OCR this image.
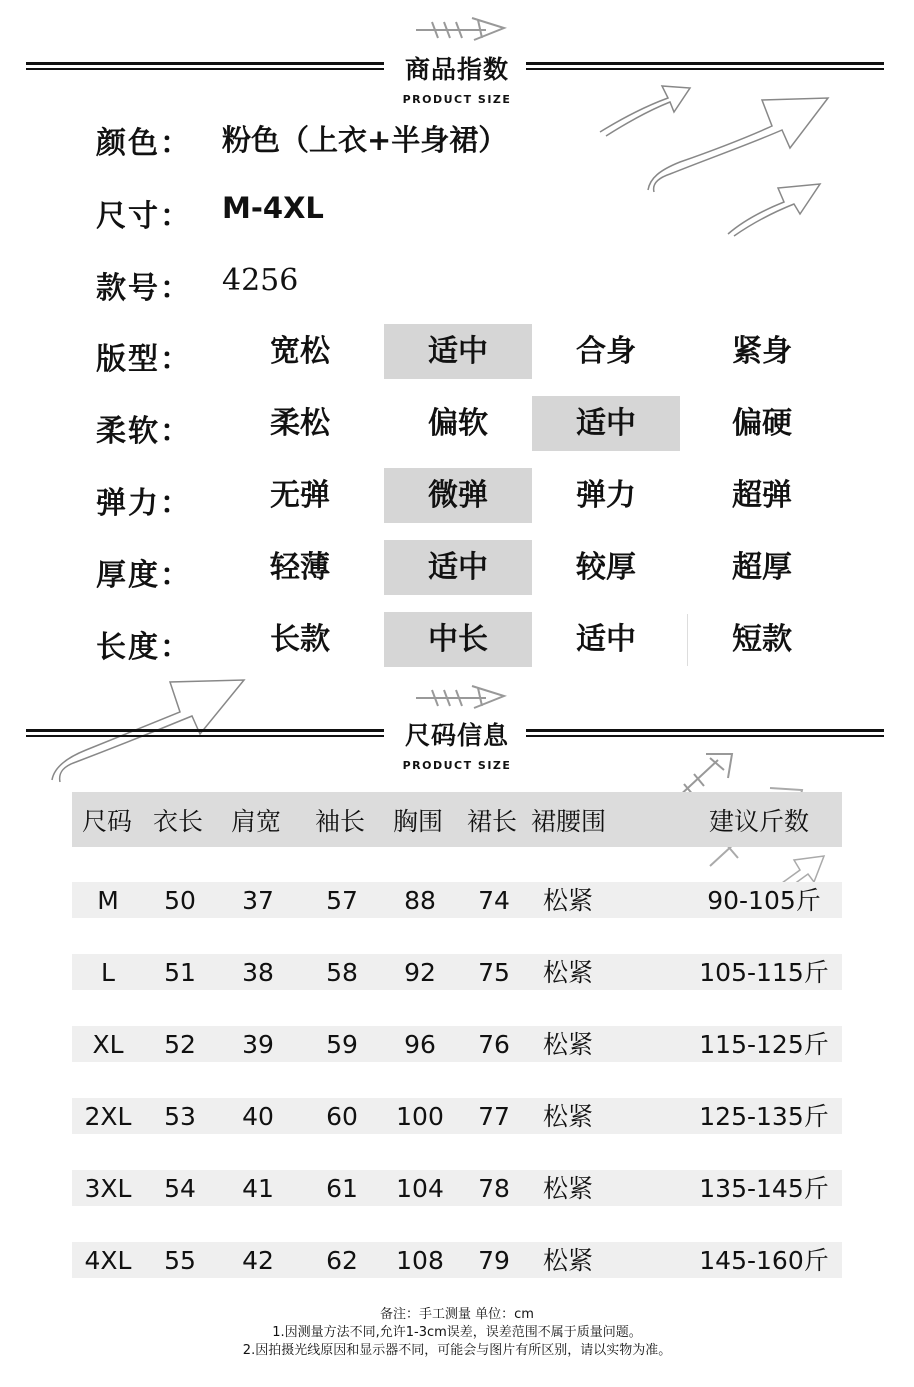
商品指数
PRODUCT SIZE
颜色： 粉色（上衣+半身裙）
尺寸： M-4XL
款号： 4256
版型：	宽松	适中	合身	紧身
柔软：	柔松	偏软	适中	偏硬
弹力：	无弹	微弹	弹力	超弹
厚度：	轻薄	适中	较厚	超厚
长度：	长款	中长	适中	短款
尺码信息
PRODUCT SIZE
尺码 衣长 肩宽 袖长 胸围 裙长 裙腰围	建议斤数
M	50	37	57	88	74	松紧	90-105斤
L	51	38	58	92	75	松紧	105-115斤
XL	52	39	59	96	76	松紧	115-125斤
2XL	53	40	60	100	77	松紧	125-135斤
3XL	54	41	61	104	78	松紧	135-145斤
4XL	55	42	62	108	79	松紧	145-160斤
备注：手工测量 单位：cm
1.因测量方法不同,允许1-3cm误差，误差范围不属于质量问题。
2.因拍摄光线原因和显示器不同，可能会与图片有所区别，请以实物为准。
